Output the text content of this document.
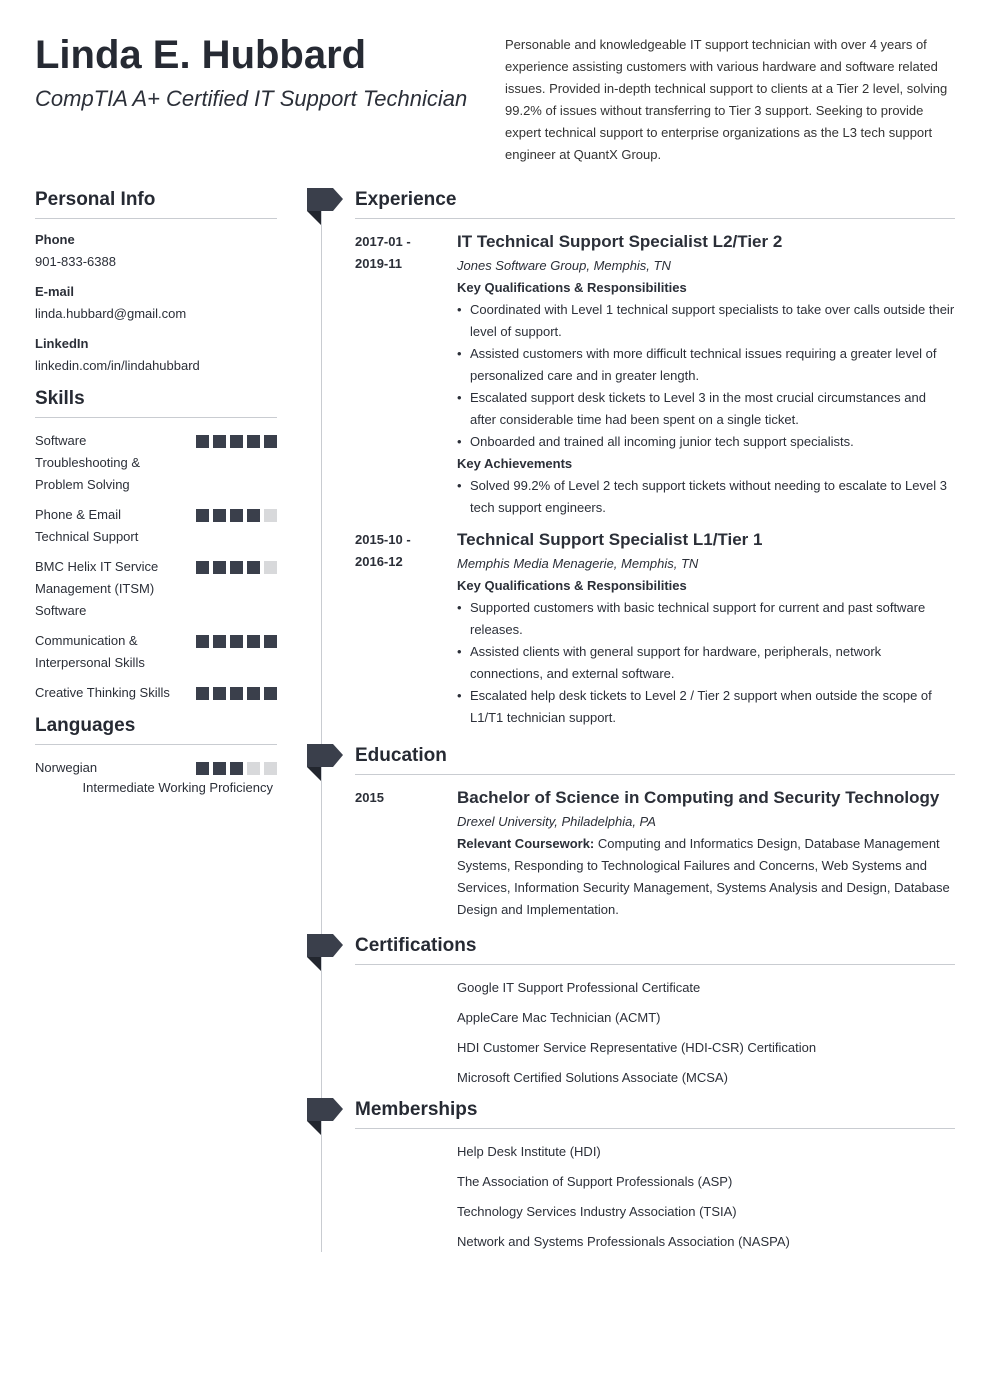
Linda E. Hubbard
CompTIA A+ Certified IT Support Technician
Personable and knowledgeable IT support technician with over 4 years of experience assisting customers with various hardware and software related issues. Provided in-depth technical support to clients at a Tier 2 level, solving 99.2% of issues without transferring to Tier 3 support. Seeking to provide expert technical support to enterprise organizations as the L3 tech support engineer at QuantX Group.
Personal Info
Phone
901-833-6388
E-mail
linda.hubbard@gmail.com
LinkedIn
linkedin.com/in/lindahubbard
Skills
Software Troubleshooting & Problem Solving
Phone & Email Technical Support
BMC Helix IT Service Management (ITSM) Software
Communication & Interpersonal Skills
Creative Thinking Skills
Languages
Norwegian
Intermediate Working Proficiency
Experience
2017-01 -
2019-11
IT Technical Support Specialist L2/Tier 2
Jones Software Group, Memphis, TN
Key Qualifications & Responsibilities
• Coordinated with Level 1 technical support specialists to take over calls outside their level of support.
• Assisted customers with more difficult technical issues requiring a greater level of personalized care and in greater length.
• Escalated support desk tickets to Level 3 in the most crucial circumstances and after considerable time had been spent on a single ticket.
• Onboarded and trained all incoming junior tech support specialists.
Key Achievements
• Solved 99.2% of Level 2 tech support tickets without needing to escalate to Level 3 tech support engineers.
2015-10 -
2016-12
Technical Support Specialist L1/Tier 1
Memphis Media Menagerie, Memphis, TN
Key Qualifications & Responsibilities
• Supported customers with basic technical support for current and past software releases.
• Assisted clients with general support for hardware, peripherals, network connections, and external software.
• Escalated help desk tickets to Level 2 / Tier 2 support when outside the scope of L1/T1 technician support.
Education
2015	Bachelor of Science in Computing and Security Technology
Drexel University, Philadelphia, PA
Relevant Coursework: Computing and Informatics Design, Database Management Systems, Responding to Technological Failures and Concerns, Web Systems and Services, Information Security Management, Systems Analysis and Design, Database Design and Implementation.
Certifications
Google IT Support Professional Certificate
AppleCare Mac Technician (ACMT)
HDI Customer Service Representative (HDI-CSR) Certification
Microsoft Certified Solutions Associate (MCSA)
Memberships
Help Desk Institute (HDI)
The Association of Support Professionals (ASP)
Technology Services Industry Association (TSIA)
Network and Systems Professionals Association (NASPA)
